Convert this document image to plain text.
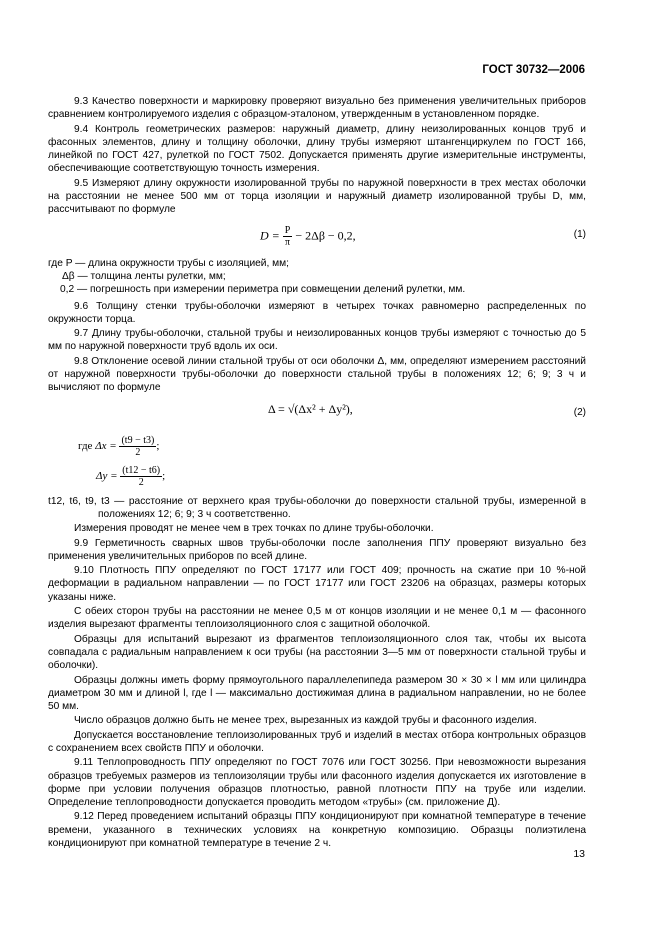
ГОСТ 30732—2006

9.3 Качество поверхности и маркировку проверяют визуально без применения увеличительных приборов сравнением контролируемого изделия с образцом-эталоном, утвержденным в установленном порядке.

9.4 Контроль геометрических размеров: наружный диаметр, длину неизолированных концов труб и фасонных элементов, длину и толщину оболочки, длину трубы измеряют штангенциркулем по ГОСТ 166, линейкой по ГОСТ 427, рулеткой по ГОСТ 7502. Допускается применять другие измерительные инструменты, обеспечивающие соответствующую точность измерения.

9.5 Измеряют длину окружности изолированной трубы по наружной поверхности в трех местах оболочки на расстоянии не менее 500 мм от торца изоляции и наружный диаметр изолированной трубы D, мм, рассчитывают по формуле

$D = \frac{P}{\pi} - 2\Delta\beta - 0,2$,	(1)

где P — длина окружности трубы с изоляцией, мм;

Δβ — толщина ленты рулетки, мм;

0,2 — погрешность при измерении периметра при совмещении делений рулетки, мм.

9.6 Толщину стенки трубы-оболочки измеряют в четырех точках равномерно распределенных по окружности торца.

9.7 Длину трубы-оболочки, стальной трубы и неизолированных концов трубы измеряют с точностью до 5 мм по наружной поверхности труб вдоль их оси.

9.8 Отклонение осевой линии стальной трубы от оси оболочки Δ, мм, определяют измерением расстояний от наружной поверхности трубы-оболочки до поверхности стальной трубы в положениях 12; 6; 9; 3 ч и вычисляют по формуле

Δ = √(Δx² + Δy²),	(2)
где $\Delta x = \frac{(t9 - t3)}{2}$ ;
$\Delta y = \frac{(t12 - t6)}{2}$ ;

t12, t6, t9, t3 — расстояние от верхнего края трубы-оболочки до поверхности стальной трубы, измеренной в положениях 12; 6; 9; 3 ч соответственно.

Измерения проводят не менее чем в трех точках по длине трубы-оболочки.

9.9 Герметичность сварных швов трубы-оболочки после заполнения ППУ проверяют визуально без применения увеличительных приборов по всей длине.

9.10 Плотность ППУ определяют по ГОСТ 17177 или ГОСТ 409; прочность на сжатие при 10 %-ной деформации в радиальном направлении — по ГОСТ 17177 или ГОСТ 23206 на образцах, размеры которых указаны ниже.

С обеих сторон трубы на расстоянии не менее 0,5 м от концов изоляции и не менее 0,1 м — фасонного изделия вырезают фрагменты теплоизоляционного слоя с защитной оболочкой.

Образцы для испытаний вырезают из фрагментов теплоизоляционного слоя так, чтобы их высота совпадала с радиальным направлением к оси трубы (на расстоянии 3—5 мм от поверхности стальной трубы и оболочки).

Образцы должны иметь форму прямоугольного параллелепипеда размером 30 × 30 × l мм или цилиндра диаметром 30 мм и длиной l, где l — максимально достижимая длина в радиальном направлении, но не более 50 мм.

Число образцов должно быть не менее трех, вырезанных из каждой трубы и фасонного изделия.

Допускается восстановление теплоизолированных труб и изделий в местах отбора контрольных образцов с сохранением всех свойств ППУ и оболочки.

9.11 Теплопроводность ППУ определяют по ГОСТ 7076 или ГОСТ 30256. При невозможности вырезания образцов требуемых размеров из теплоизоляции трубы или фасонного изделия допускается их изготовление в форме при условии получения образцов плотностью, равной плотности ППУ на трубе или изделии. Определение теплопроводности допускается проводить методом «трубы» (см. приложение Д).

9.12 Перед проведением испытаний образцы ППУ кондиционируют при комнатной температуре в течение времени, указанного в технических условиях на конкретную композицию. Образцы полиэтилена кондиционируют при комнатной температуре в течение 2 ч.

13
